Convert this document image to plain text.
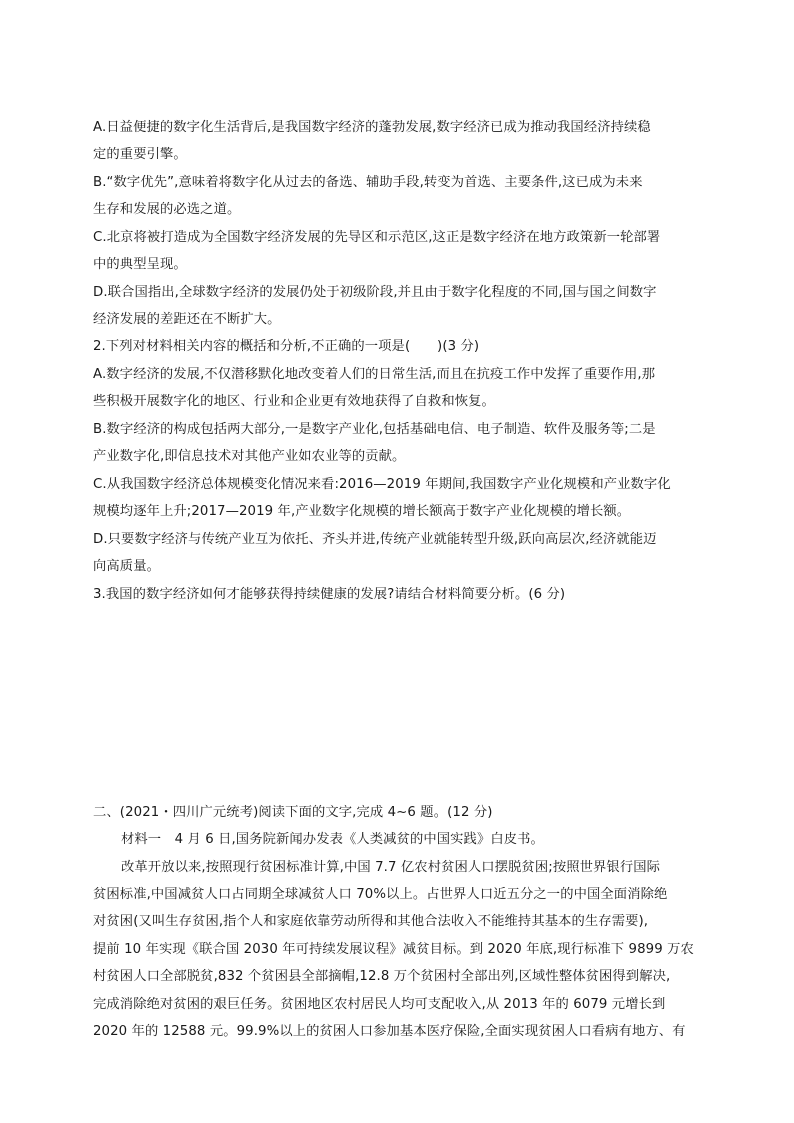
A.日益便捷的数字化生活背后,是我国数字经济的蓬勃发展,数字经济已成为推动我国经济持续稳
定的重要引擎。
B.“数字优先”,意味着将数字化从过去的备选、辅助手段,转变为首选、主要条件,这已成为未来
生存和发展的必选之道。
C.北京将被打造成为全国数字经济发展的先导区和示范区,这正是数字经济在地方政策新一轮部署
中的典型呈现。
D.联合国指出,全球数字经济的发展仍处于初级阶段,并且由于数字化程度的不同,国与国之间数字
经济发展的差距还在不断扩大。
2.下列对材料相关内容的概括和分析,不正确的一项是(　　)(3 分)
A.数字经济的发展,不仅潜移默化地改变着人们的日常生活,而且在抗疫工作中发挥了重要作用,那
些积极开展数字化的地区、行业和企业更有效地获得了自救和恢复。
B.数字经济的构成包括两大部分,一是数字产业化,包括基础电信、电子制造、软件及服务等;二是
产业数字化,即信息技术对其他产业如农业等的贡献。
C.从我国数字经济总体规模变化情况来看:2016—2019 年期间,我国数字产业化规模和产业数字化
规模均逐年上升;2017—2019 年,产业数字化规模的增长额高于数字产业化规模的增长额。
D.只要数字经济与传统产业互为依托、齐头并进,传统产业就能转型升级,跃向高层次,经济就能迈
向高质量。
3.我国的数字经济如何才能够获得持续健康的发展?请结合材料简要分析。(6 分)
二、(2021・四川广元统考)阅读下面的文字,完成 4~6 题。(12 分)
材料一　4 月 6 日,国务院新闻办发表《人类减贫的中国实践》白皮书。
改革开放以来,按照现行贫困标准计算,中国 7.7 亿农村贫困人口摆脱贫困;按照世界银行国际
贫困标准,中国减贫人口占同期全球减贫人口 70%以上。占世界人口近五分之一的中国全面消除绝
对贫困(又叫生存贫困,指个人和家庭依靠劳动所得和其他合法收入不能维持其基本的生存需要),
提前 10 年实现《联合国 2030 年可持续发展议程》减贫目标。到 2020 年底,现行标准下 9899 万农
村贫困人口全部脱贫,832 个贫困县全部摘帽,12.8 万个贫困村全部出列,区域性整体贫困得到解决,
完成消除绝对贫困的艰巨任务。贫困地区农村居民人均可支配收入,从 2013 年的 6079 元增长到
2020 年的 12588 元。99.9%以上的贫困人口参加基本医疗保险,全面实现贫困人口看病有地方、有
